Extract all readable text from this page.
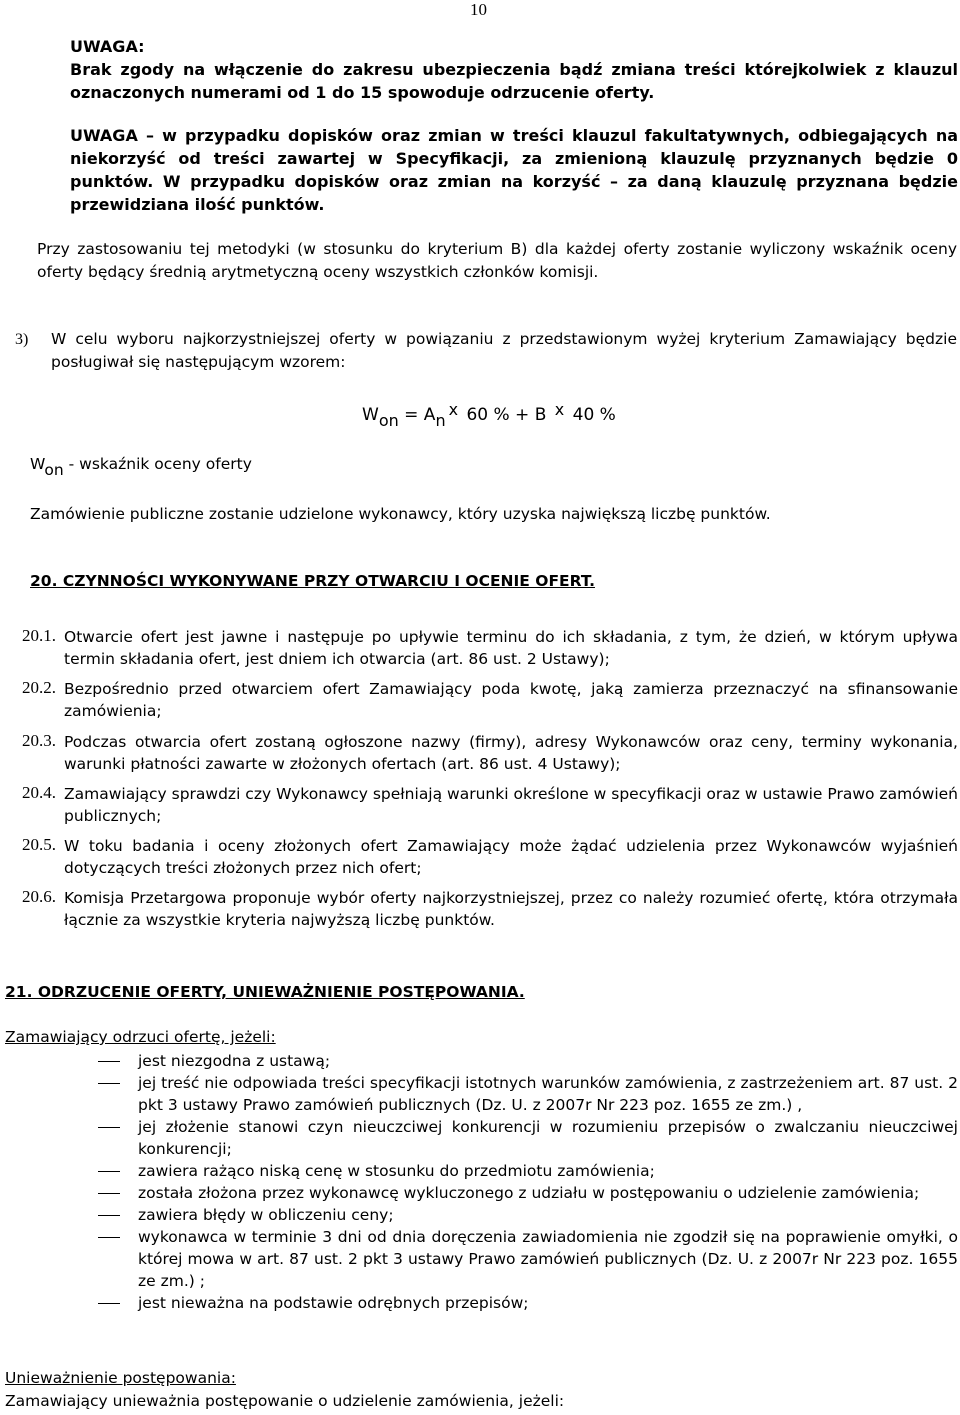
10
UWAGA:
Brak zgody na włączenie do zakresu ubezpieczenia bądź zmiana treści którejkolwiek z klauzul oznaczonych numerami od 1 do 15 spowoduje odrzucenie oferty.
UWAGA – w przypadku dopisków oraz zmian w treści klauzul fakultatywnych, odbiegających na niekorzyść od treści zawartej w Specyfikacji, za zmienioną klauzulę przyznanych będzie 0 punktów. W przypadku dopisków oraz zmian na korzyść – za daną klauzulę przyznana będzie przewidziana ilość punktów.
Przy zastosowaniu tej metodyki (w stosunku do kryterium B) dla każdej oferty zostanie wyliczony wskaźnik oceny oferty będący średnią arytmetyczną oceny wszystkich członków komisji.
3) W celu wyboru najkorzystniejszej oferty w powiązaniu z przedstawionym wyżej kryterium Zamawiający będzie posługiwał się następującym wzorem:
Won = Anx 60 % + B x 40 %
Won - wskaźnik oceny oferty
Zamówienie publiczne zostanie udzielone wykonawcy, który uzyska największą liczbę punktów.
20. CZYNNOŚCI WYKONYWANE PRZY OTWARCIU I OCENIE OFERT.
20.1. Otwarcie ofert jest jawne i następuje po upływie terminu do ich składania, z tym, że dzień, w którym upływa termin składania ofert, jest dniem ich otwarcia (art. 86 ust. 2 Ustawy);
20.2. Bezpośrednio przed otwarciem ofert Zamawiający poda kwotę, jaką zamierza przeznaczyć na sfinansowanie zamówienia;
20.3. Podczas otwarcia ofert zostaną ogłoszone nazwy (firmy), adresy Wykonawców oraz ceny, terminy wykonania, warunki płatności zawarte w złożonych ofertach (art. 86 ust. 4 Ustawy);
20.4. Zamawiający sprawdzi czy Wykonawcy spełniają warunki określone w specyfikacji oraz w ustawie Prawo zamówień publicznych;
20.5. W toku badania i oceny złożonych ofert Zamawiający może żądać udzielenia przez Wykonawców wyjaśnień dotyczących treści złożonych przez nich ofert;
20.6. Komisja Przetargowa proponuje wybór oferty najkorzystniejszej, przez co należy rozumieć ofertę, która otrzymała łącznie za wszystkie kryteria najwyższą liczbę punktów.
21. ODRZUCENIE OFERTY, UNIEWAŻNIENIE POSTĘPOWANIA.
Zamawiający odrzuci ofertę, jeżeli:
jest niezgodna z ustawą;
jej treść nie odpowiada treści specyfikacji istotnych warunków zamówienia, z zastrzeżeniem art. 87 ust. 2 pkt 3 ustawy Prawo zamówień publicznych (Dz. U. z 2007r Nr 223 poz. 1655 ze zm.) ,
jej złożenie stanowi czyn nieuczciwej konkurencji w rozumieniu przepisów o zwalczaniu nieuczciwej konkurencji;
zawiera rażąco niską cenę w stosunku do przedmiotu zamówienia;
została złożona przez wykonawcę wykluczonego z udziału w postępowaniu o udzielenie zamówienia;
zawiera błędy w obliczeniu ceny;
wykonawca w terminie 3 dni od dnia doręczenia zawiadomienia nie zgodził się na poprawienie omyłki, o której mowa w art. 87 ust. 2 pkt 3 ustawy Prawo zamówień publicznych (Dz. U. z 2007r Nr 223 poz. 1655 ze zm.) ;
jest nieważna na podstawie odrębnych przepisów;
Unieważnienie postępowania:
Zamawiający unieważnia postępowanie o udzielenie zamówienia, jeżeli:
